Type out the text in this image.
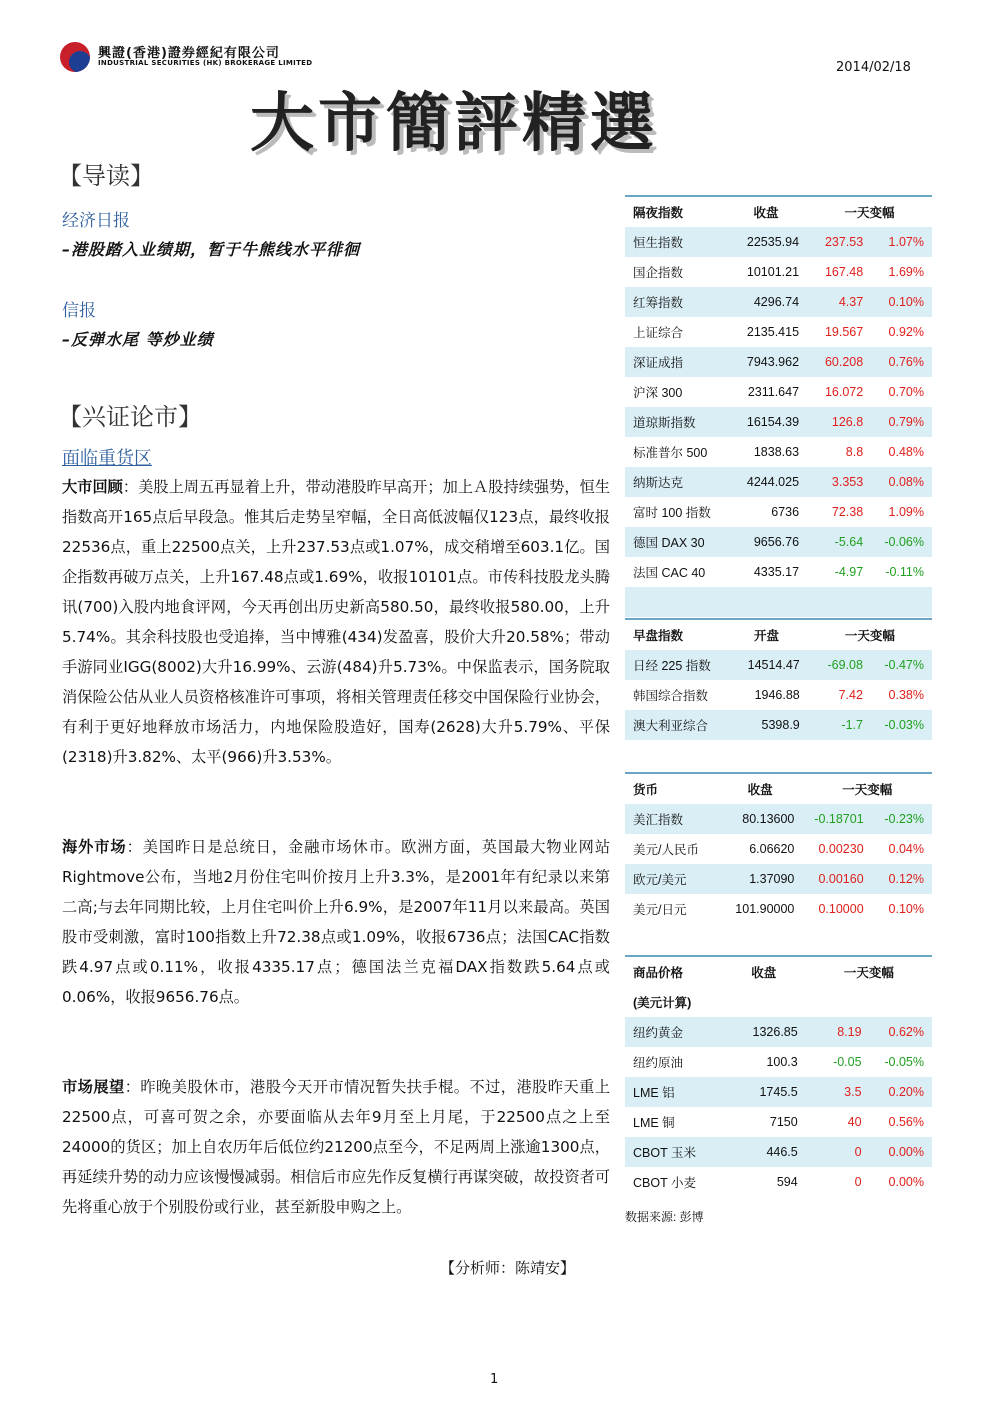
興證(香港)證券經紀有限公司
INDUSTRIAL SECURITIES (HK) BROKERAGE LIMITED	2014/02/18
大市簡評精選
【导读】
经济日报
–港股踏入业绩期，暂于牛熊线水平徘徊
信报
–反弹水尾 等炒业绩
【兴证论市】
面临重货区
大市回顾：美股上周五再显着上升，带动港股昨早高开；加上Ａ股持续强势，恒生指数高开165点后早段急。惟其后走势呈窄幅，全日高低波幅仅123点，最终收报22536点，重上22500点关，上升237.53点或1.07%，成交稍增至603.1亿。国企指数再破万点关，上升167.48点或1.69%，收报10101点。市传科技股龙头腾讯(700)入股内地食评网，今天再创出历史新高580.50，最终收报580.00，上升5.74%。其余科技股也受追捧，当中博雅(434)发盈喜，股价大升20.58%；带动手游同业IGG(8002)大升16.99%、云游(484)升5.73%。中保监表示，国务院取消保险公估从业人员资格核准许可事项，将相关管理责任移交中国保险行业协会，有利于更好地释放市场活力，内地保险股造好，国寿(2628)大升5.79%、平保(2318)升3.82%、太平(966)升3.53%。
海外市场：美国昨日是总统日，金融市场休市。欧洲方面，英国最大物业网站Rightmove公布，当地2月份住宅叫价按月上升3.3%，是2001年有纪录以来第二高;与去年同期比较，上月住宅叫价上升6.9%，是2007年11月以来最高。英国股市受刺激，富时100指数上升72.38点或1.09%，收报6736点；法国CAC指数跌4.97点或0.11%，收报4335.17点；德国法兰克福DAX指数跌5.64点或0.06%，收报9656.76点。
市场展望：昨晚美股休市，港股今天开市情况暂失扶手棍。不过，港股昨天重上22500点，可喜可贺之余，亦要面临从去年9月至上月尾，于22500点之上至24000的货区；加上自农历年后低位约21200点至今，不足两周上涨逾1300点，再延续升势的动力应该慢慢减弱。相信后市应先作反复横行再谋突破，故投资者可先将重心放于个别股份或行业，甚至新股申购之上。
【分析师：陈靖安】
隔夜指数	收盘	一天变幅	
恒生指数	22535.94	237.53	1.07%
国企指数	10101.21	167.48	1.69%
红筹指数	4296.74	4.37	0.10%
上证综合	2135.415	19.567	0.92%
深证成指	7943.962	60.208	0.76%
沪深 300	2311.647	16.072	0.70%
道琼斯指数	16154.39	126.8	0.79%
标准普尔 500	1838.63	8.8	0.48%
纳斯达克	4244.025	3.353	0.08%
富时 100 指数	6736	72.38	1.09%
德国 DAX 30	9656.76	-5.64	-0.06%
法国 CAC 40	4335.17	-4.97	-0.11%

早盘指数	开盘	一天变幅	
日经 225 指数	14514.47	-69.08	-0.47%
韩国综合指数	1946.88	7.42	0.38%
澳大利亚综合	5398.9	-1.7	-0.03%
货币	收盘	一天变幅	
美汇指数	80.13600	-0.18701	-0.23%
美元/人民币	6.06620	0.00230	0.04%
欧元/美元	1.37090	0.00160	0.12%
美元/日元	101.90000	0.10000	0.10%
商品价格	收盘	一天变幅	
(美元计算)			
纽约黄金	1326.85	8.19	0.62%
纽约原油	100.3	-0.05	-0.05%
LME 铝	1745.5	3.5	0.20%
LME 铜	7150	40	0.56%
CBOT 玉米	446.5	0	0.00%
CBOT 小麦	594	0	0.00%
数据来源: 彭博
1
